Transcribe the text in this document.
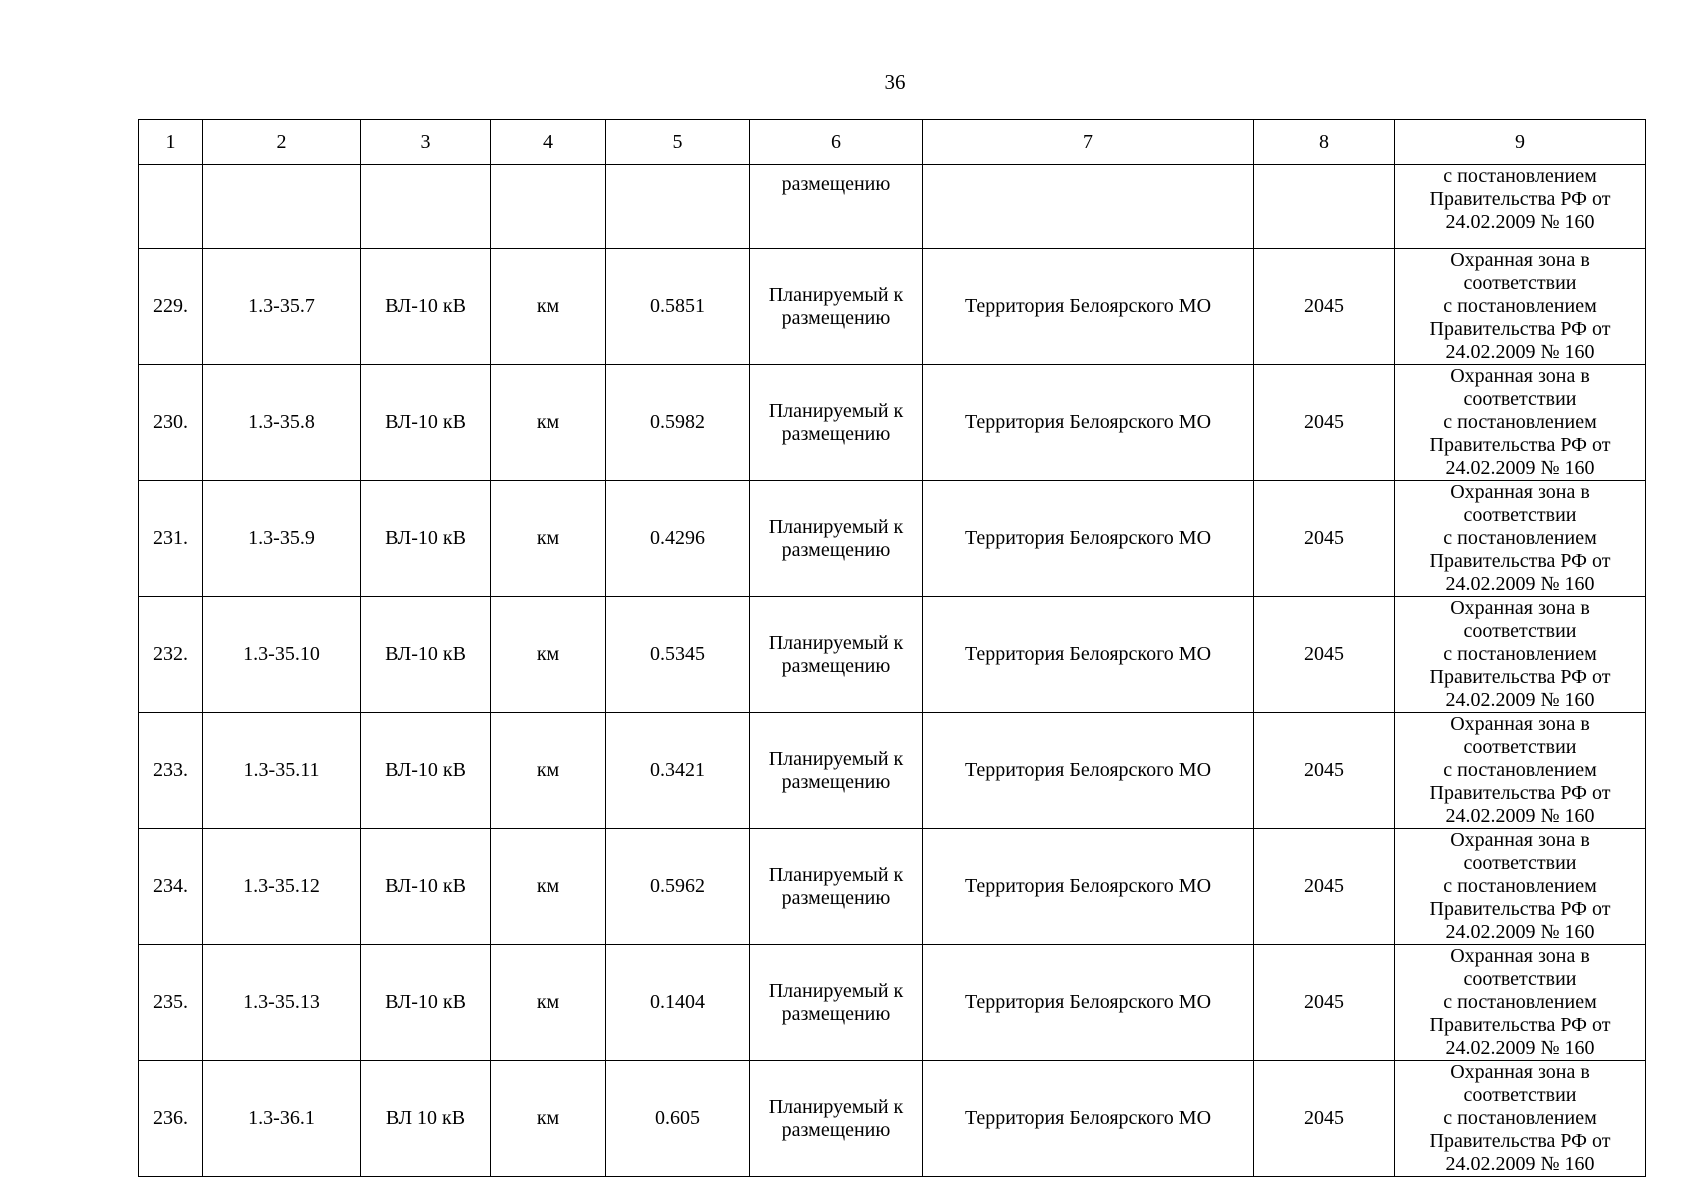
36
1	2	3	4	5	6	7	8	9
					размещению			с постановлением
Правительства РФ от
24.02.2009 № 160

229.	1.3-35.7	ВЛ-10 кВ	км	0.5851	Планируемый к
размещению	Территория Белоярского МО	2045	Охранная зона в соответствии
с постановлением
Правительства РФ от
24.02.2009 № 160

230.	1.3-35.8	ВЛ-10 кВ	км	0.5982	Планируемый к
размещению	Территория Белоярского МО	2045	Охранная зона в соответствии
с постановлением
Правительства РФ от
24.02.2009 № 160

231.	1.3-35.9	ВЛ-10 кВ	км	0.4296	Планируемый к
размещению	Территория Белоярского МО	2045	Охранная зона в соответствии
с постановлением
Правительства РФ от
24.02.2009 № 160

232.	1.3-35.10	ВЛ-10 кВ	км	0.5345	Планируемый к
размещению	Территория Белоярского МО	2045	Охранная зона в соответствии
с постановлением
Правительства РФ от
24.02.2009 № 160

233.	1.3-35.11	ВЛ-10 кВ	км	0.3421	Планируемый к
размещению	Территория Белоярского МО	2045	Охранная зона в соответствии
с постановлением
Правительства РФ от
24.02.2009 № 160

234.	1.3-35.12	ВЛ-10 кВ	км	0.5962	Планируемый к
размещению	Территория Белоярского МО	2045	Охранная зона в соответствии
с постановлением
Правительства РФ от
24.02.2009 № 160

235.	1.3-35.13	ВЛ-10 кВ	км	0.1404	Планируемый к
размещению	Территория Белоярского МО	2045	Охранная зона в соответствии
с постановлением
Правительства РФ от
24.02.2009 № 160

236.	1.3-36.1	ВЛ 10 кВ	км	0.605	Планируемый к
размещению	Территория Белоярского МО	2045	Охранная зона в соответствии
с постановлением
Правительства РФ от
24.02.2009 № 160
